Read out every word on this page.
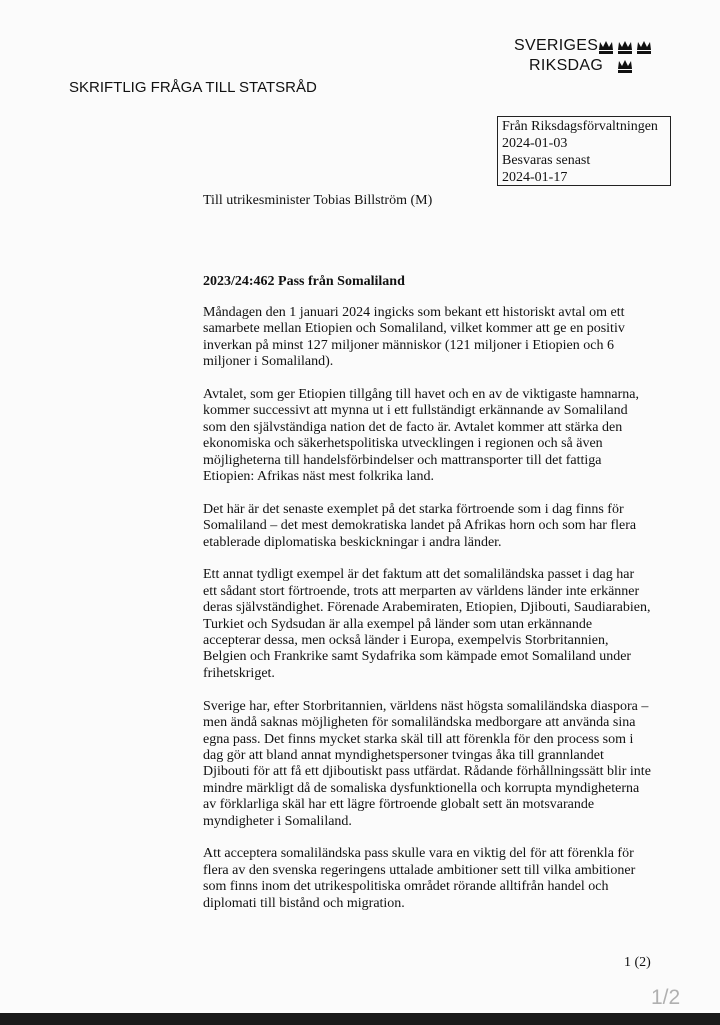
SVERIGES
RIKSDAG
SKRIFTLIG FRÅGA TILL STATSRÅD
Från Riksdagsförvaltningen
2024-01-03
Besvaras senast
2024-01-17
Till utrikesminister Tobias Billström (M)
2023/24:462 Pass från Somaliland

Måndagen den 1 januari 2024 ingicks som bekant ett historiskt avtal om ett
samarbete mellan Etiopien och Somaliland, vilket kommer att ge en positiv
inverkan på minst 127 miljoner människor (121 miljoner i Etiopien och 6
miljoner i Somaliland).

Avtalet, som ger Etiopien tillgång till havet och en av de viktigaste hamnarna,
kommer successivt att mynna ut i ett fullständigt erkännande av Somaliland
som den självständiga nation det de facto är. Avtalet kommer att stärka den
ekonomiska och säkerhetspolitiska utvecklingen i regionen och så även
möjligheterna till handelsförbindelser och mattransporter till det fattiga
Etiopien: Afrikas näst mest folkrika land.

Det här är det senaste exemplet på det starka förtroende som i dag finns för
Somaliland – det mest demokratiska landet på Afrikas horn och som har flera
etablerade diplomatiska beskickningar i andra länder.

Ett annat tydligt exempel är det faktum att det somaliländska passet i dag har
ett sådant stort förtroende, trots att merparten av världens länder inte erkänner
deras självständighet. Förenade Arabemiraten, Etiopien, Djibouti, Saudiarabien,
Turkiet och Sydsudan är alla exempel på länder som utan erkännande
accepterar dessa, men också länder i Europa, exempelvis Storbritannien,
Belgien och Frankrike samt Sydafrika som kämpade emot Somaliland under
frihetskriget.

Sverige har, efter Storbritannien, världens näst högsta somaliländska diaspora –
men ändå saknas möjligheten för somaliländska medborgare att använda sina
egna pass. Det finns mycket starka skäl till att förenkla för den process som i
dag gör att bland annat myndighetspersoner tvingas åka till grannlandet
Djibouti för att få ett djiboutiskt pass utfärdat. Rådande förhållningssätt blir inte
mindre märkligt då de somaliska dysfunktionella och korrupta myndigheterna
av förklarliga skäl har ett lägre förtroende globalt sett än motsvarande
myndigheter i Somaliland.

Att acceptera somaliländska pass skulle vara en viktig del för att förenkla för
flera av den svenska regeringens uttalade ambitioner sett till vilka ambitioner
som finns inom det utrikespolitiska området rörande alltifrån handel och
diplomati till bistånd och migration.

1 (2)
1/2
